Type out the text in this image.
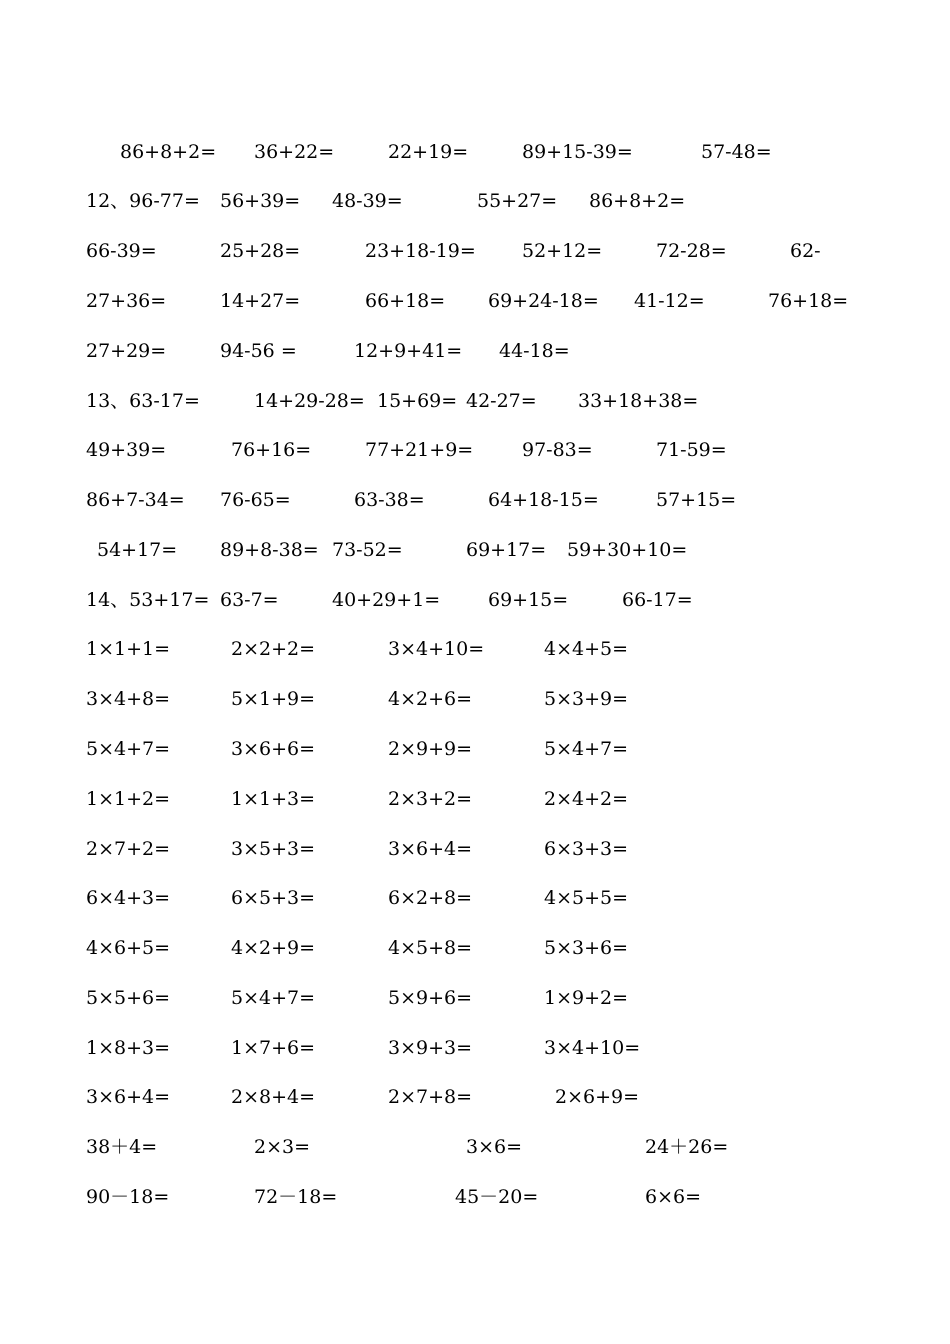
86+8+2= 36+22=	22+19=	89+15-39=	57-48=
12、96-77= 56+39= 48-39=	55+27= 86+8+2=
66-39=	25+28=	23+18-19= 52+12=	72-28=	62-
27+36=	14+27=	66+18= 69+24-18= 41-12=	76+18=
27+29=	94-56 =	12+9+41= 44-18=
13、63-17=	14+29-28= 15+69= 42-27= 33+18+38=
49+39=	76+16=	77+21+9=	97-83=	71-59=
86+7-34= 76-65=	63-38=	64+18-15=	57+15=
54+17= 89+8-38= 73-52=	69+17= 59+30+10=
14、53+17= 63-7=	40+29+1=	69+15=	66-17=
1×1+1=	2×2+2=	3×4+10=	4×4+5=
3×4+8=	5×1+9=	4×2+6=	5×3+9=
5×4+7=	3×6+6=	2×9+9=	5×4+7=
1×1+2=	1×1+3=	2×3+2=	2×4+2=
2×7+2=	3×5+3=	3×6+4=	6×3+3=
6×4+3=	6×5+3=	6×2+8=	4×5+5=
4×6+5=	4×2+9=	4×5+8=	5×3+6=
5×5+6=	5×4+7=	5×9+6=	1×9+2=
1×8+3=	1×7+6=	3×9+3=	3×4+10=
3×6+4=	2×8+4=	2×7+8=	2×6+9=
38＋4=	2×3=	3×6=	24＋26=
90－18=	72－18=	45－20=	6×6=
